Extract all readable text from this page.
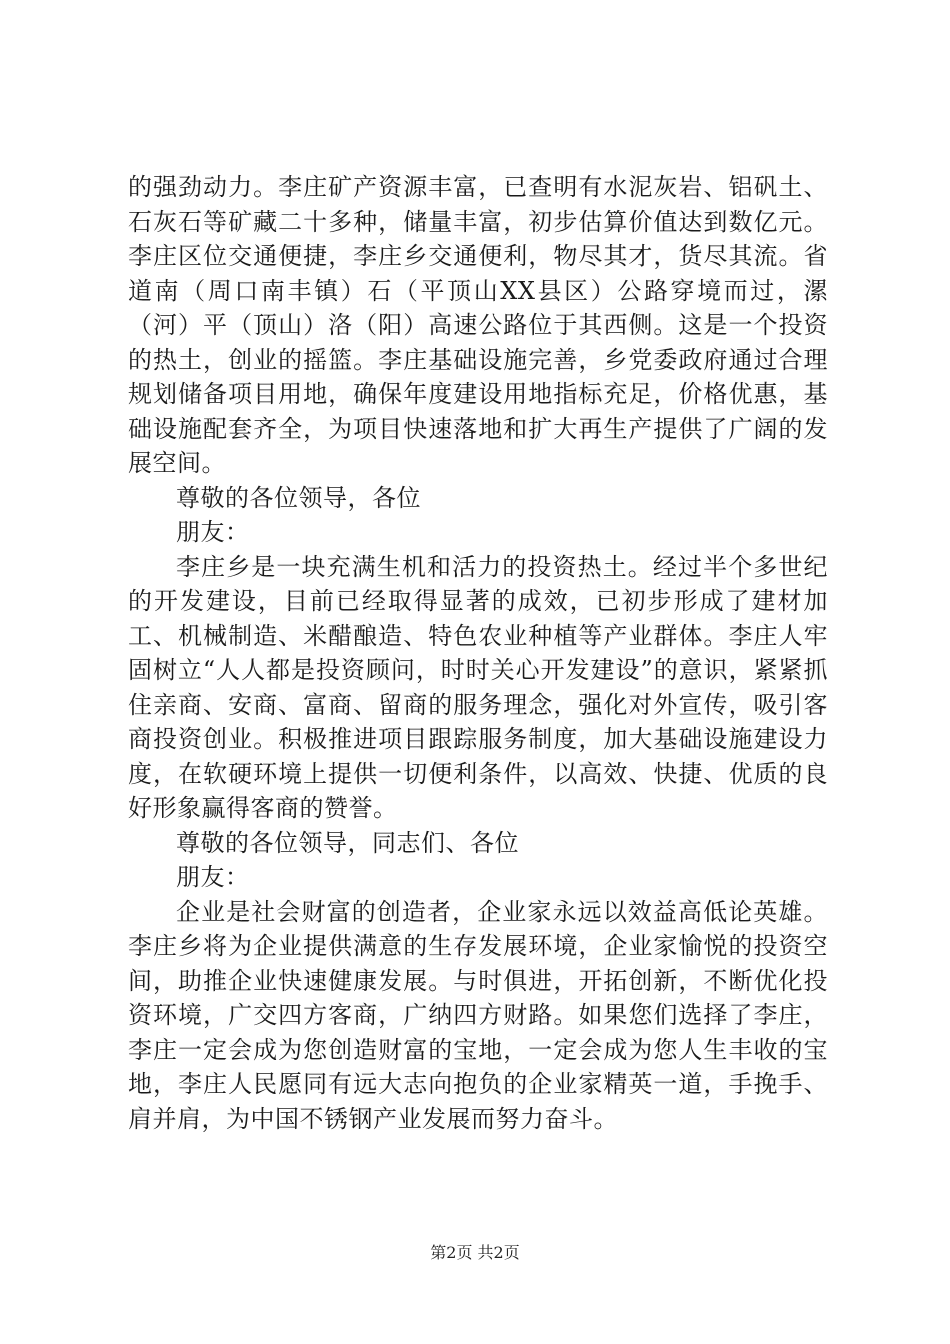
的强劲动力。李庄矿产资源丰富，已查明有水泥灰岩、铝矾土、石灰石等矿藏二十多种，储量丰富，初步估算价值达到数亿元。李庄区位交通便捷，李庄乡交通便利，物尽其才，货尽其流。省道南（周口南丰镇）石（平顶山XX县区）公路穿境而过，漯（河）平（顶山）洛（阳）高速公路位于其西侧。这是一个投资的热土，创业的摇篮。李庄基础设施完善，乡党委政府通过合理规划储备项目用地，确保年度建设用地指标充足，价格优惠，基础设施配套齐全，为项目快速落地和扩大再生产提供了广阔的发展空间。

尊敬的各位领导，各位

朋友：

李庄乡是一块充满生机和活力的投资热土。经过半个多世纪的开发建设，目前已经取得显著的成效，已初步形成了建材加工、机械制造、米醋酿造、特色农业种植等产业群体。李庄人牢固树立“人人都是投资顾问，时时关心开发建设”的意识，紧紧抓住亲商、安商、富商、留商的服务理念，强化对外宣传，吸引客商投资创业。积极推进项目跟踪服务制度，加大基础设施建设力度，在软硬环境上提供一切便利条件，以高效、快捷、优质的良好形象赢得客商的赞誉。

尊敬的各位领导，同志们、各位

朋友：

企业是社会财富的创造者，企业家永远以效益高低论英雄。李庄乡将为企业提供满意的生存发展环境，企业家愉悦的投资空间，助推企业快速健康发展。与时俱进，开拓创新，不断优化投资环境，广交四方客商，广纳四方财路。如果您们选择了李庄，李庄一定会成为您创造财富的宝地，一定会成为您人生丰收的宝地，李庄人民愿同有远大志向抱负的企业家精英一道，手挽手、肩并肩，为中国不锈钢产业发展而努力奋斗。

第2页 共2页
